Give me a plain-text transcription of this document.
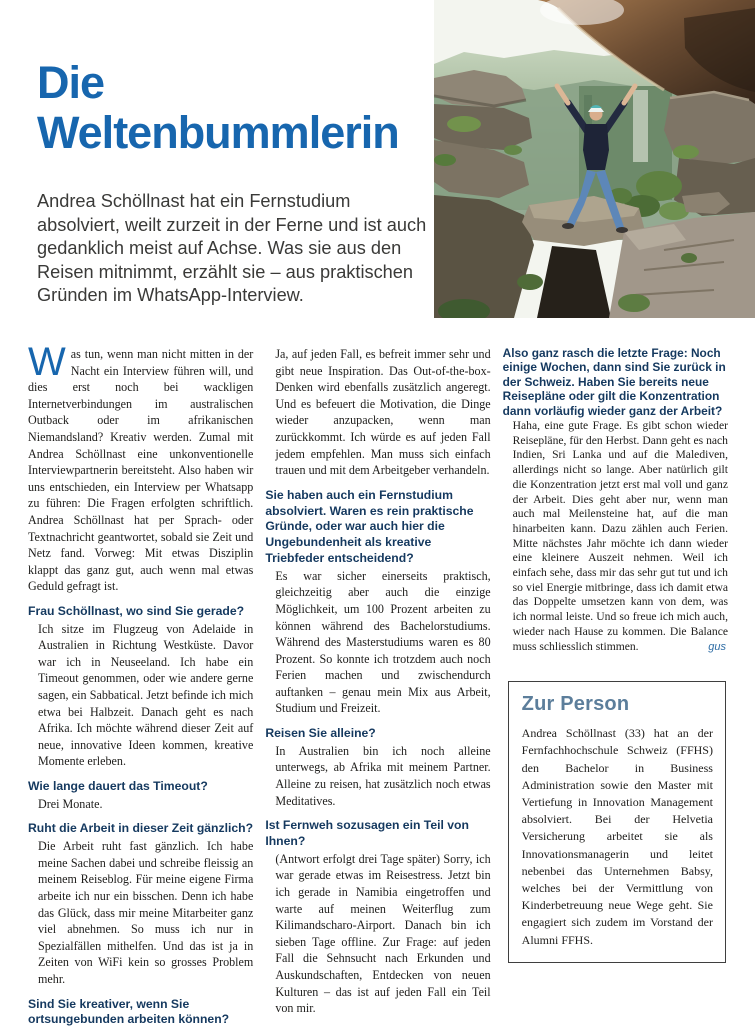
Die
Weltenbummlerin

Andrea Schöllnast hat ein Fernstudium absolviert, weilt zurzeit in der Ferne und ist auch gedanklich meist auf Achse. Was sie aus den Reisen mitnimmt, erzählt sie – aus praktischen Gründen im WhatsApp-Interview.

Was tun, wenn man nicht mitten in der Nacht ein Interview führen will, und dies erst noch bei wackligen Internetverbindungen im australischen Outback oder im afrikanischen Niemandsland? Kreativ werden. Zumal mit Andrea Schöllnast eine unkonventionelle Interviewpartnerin bereitsteht. Also haben wir uns entschieden, ein Interview per Whatsapp zu führen: Die Fragen erfolgten schriftlich. Andrea Schöllnast hat per Sprach- oder Textnachricht geantwortet, sobald sie Zeit und Netz fand. Vorweg: Mit etwas Disziplin klappt das ganz gut, auch wenn mal etwas Geduld gefragt ist.

Frau Schöllnast, wo sind Sie gerade?

Ich sitze im Flugzeug von Adelaide in Australien in Richtung Westküste. Davor war ich in Neuseeland. Ich habe ein Timeout genommen, oder wie andere gerne sagen, ein Sabbatical. Jetzt befinde ich mich etwa bei Halbzeit. Danach geht es nach Afrika. Ich möchte während dieser Zeit auf neue, innovative Ideen kommen, kreative Momente erleben.

Wie lange dauert das Timeout?

Drei Monate.

Ruht die Arbeit in dieser Zeit gänzlich?

Die Arbeit ruht fast gänzlich. Ich habe meine Sachen dabei und schreibe fleissig an meinem Reiseblog. Für meine eigene Firma arbeite ich nur ein bisschen. Denn ich habe das Glück, dass mir meine Mitarbeiter ganz viel abnehmen. So muss ich nur in Spezialfällen mithelfen. Und das ist ja in Zeiten von WiFi kein so grosses Problem mehr.

Sind Sie kreativer, wenn Sie ortsungebunden arbeiten können?

Ja, auf jeden Fall, es befreit immer sehr und gibt neue Inspiration. Das Out-of-the-box-Denken wird ebenfalls zusätzlich angeregt. Und es befeuert die Motivation, die Dinge wieder anzupacken, wenn man zurückkommt. Ich würde es auf jeden Fall jedem empfehlen. Man muss sich einfach trauen und mit dem Arbeitgeber verhandeln.

Sie haben auch ein Fernstudium absolviert. Waren es rein praktische Gründe, oder war auch hier die Ungebundenheit als kreative Triebfeder entscheidend?

Es war sicher einerseits praktisch, gleichzeitig aber auch die einzige Möglichkeit, um 100 Prozent arbeiten zu können während des Bachelorstudiums. Während des Masterstudiums waren es 80 Prozent. So konnte ich trotzdem auch noch Ferien machen und zwischendurch auftanken – genau mein Mix aus Arbeit, Studium und Freizeit.

Reisen Sie alleine?

In Australien bin ich noch alleine unterwegs, ab Afrika mit meinem Partner. Alleine zu reisen, hat zusätzlich noch etwas Meditatives.

Ist Fernweh sozusagen ein Teil von Ihnen?

(Antwort erfolgt drei Tage später) Sorry, ich war gerade etwas im Reisestress. Jetzt bin ich gerade in Namibia eingetroffen und warte auf meinen Weiterflug zum Kilimandscharo-Airport. Danach bin ich sieben Tage offline. Zur Frage: auf jeden Fall die Sehnsucht nach Erkunden und Auskundschaften, Entdecken von neuen Kulturen – das ist auf jeden Fall ein Teil von mir.

Also ganz rasch die letzte Frage: Noch einige Wochen, dann sind Sie zurück in der Schweiz. Haben Sie bereits neue Reisepläne oder gilt die Konzentration dann vorläufig wieder ganz der Arbeit?

Haha, eine gute Frage. Es gibt schon wieder Reisepläne, für den Herbst. Dann geht es nach Indien, Sri Lanka und auf die Malediven, allerdings nicht so lange. Aber natürlich gilt die Konzentration jetzt erst mal voll und ganz der Arbeit. Dies geht aber nur, wenn man auch mal Meilensteine hat, auf die man hinarbeiten kann. Dazu zählen auch Ferien. Mitte nächstes Jahr möchte ich dann wieder eine kleinere Auszeit nehmen. Weil ich einfach sehe, dass mir das sehr gut tut und ich so viel Energie mitbringe, dass ich damit etwa das Doppelte umsetzen kann von dem, was ich normal leiste. Und so freue ich mich auch, wieder nach Hause zu kommen. Die Balance muss schliesslich stimmen.	gus
Zur Person

Andrea Schöllnast (33) hat an der Fernfachhochschule Schweiz (FFHS) den Bachelor in Business Administration sowie den Master mit Vertiefung in Innovation Management absolviert. Bei der Helvetia Versicherung arbeitet sie als Innovationsmanagerin und leitet nebenbei das Unternehmen Babsy, welches bei der Vermittlung von Kinderbetreuung neue Wege geht. Sie engagiert sich zudem im Vorstand der Alumni FFHS.
